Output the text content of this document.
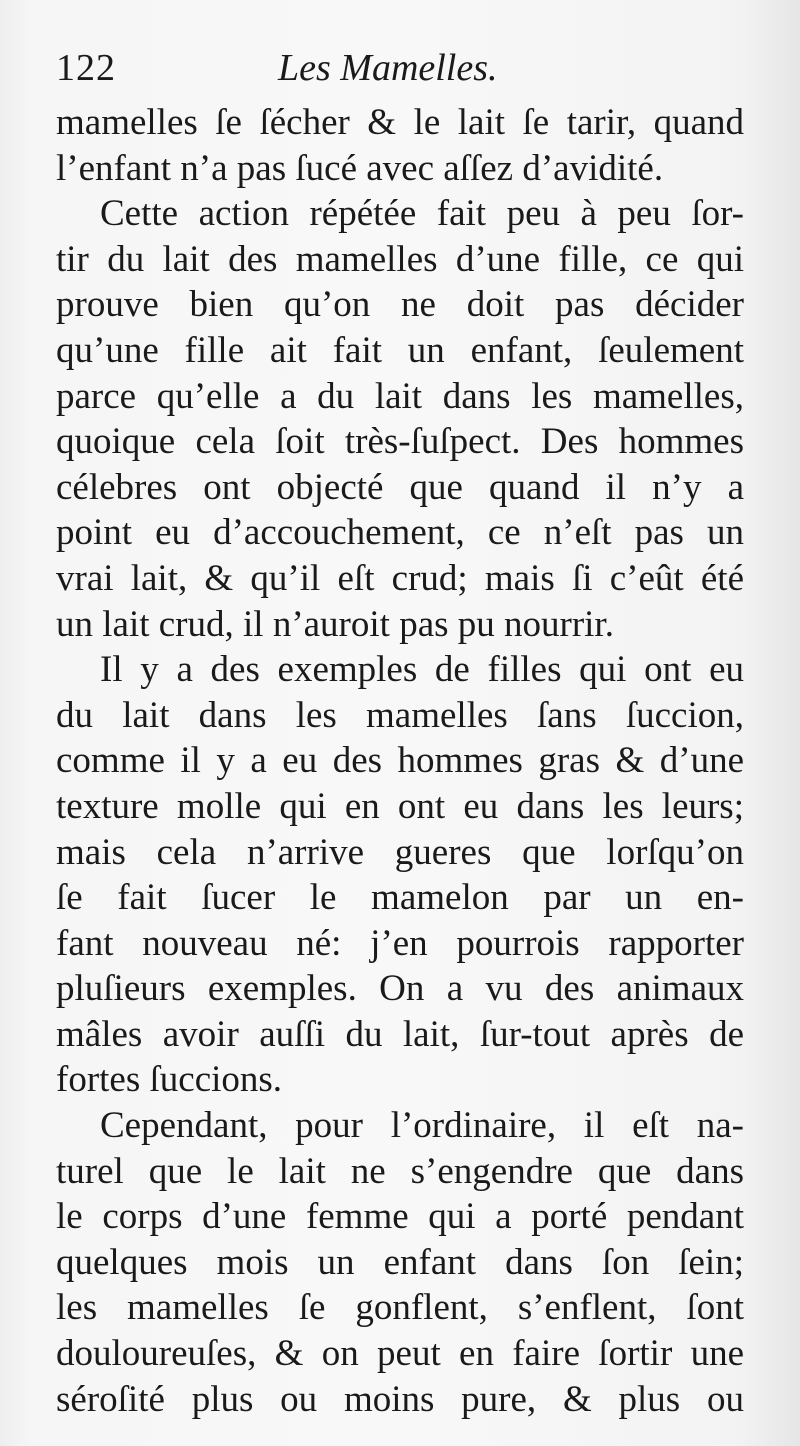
122	Les Mamelles.
mamelles ſe ſécher & le lait ſe tarir, quand
l’enfant n’a pas ſucé avec aſſez d’avidité.
Cette action répétée fait peu à peu ſor-
tir du lait des mamelles d’une fille, ce qui
prouve bien qu’on ne doit pas décider
qu’une fille ait fait un enfant, ſeulement
parce qu’elle a du lait dans les mamelles,
quoique cela ſoit très-ſuſpect. Des hommes
célebres ont objecté que quand il n’y a
point eu d’accouchement, ce n’eſt pas un
vrai lait, & qu’il eſt crud; mais ſi c’eût été
un lait crud, il n’auroit pas pu nourrir.
Il y a des exemples de filles qui ont eu
du lait dans les mamelles ſans ſuccion,
comme il y a eu des hommes gras & d’une
texture molle qui en ont eu dans les leurs;
mais cela n’arrive gueres que lorſqu’on
ſe fait ſucer le mamelon par un en-
fant nouveau né: j’en pourrois rapporter
pluſieurs exemples. On a vu des animaux
mâles avoir auſſi du lait, ſur-tout après de
fortes ſuccions.
Cependant, pour l’ordinaire, il eſt na-
turel que le lait ne s’engendre que dans
le corps d’une femme qui a porté pendant
quelques mois un enfant dans ſon ſein;
les mamelles ſe gonflent, s’enflent, ſont
douloureuſes, & on peut en faire ſortir une
séroſité plus ou moins pure, & plus ou
